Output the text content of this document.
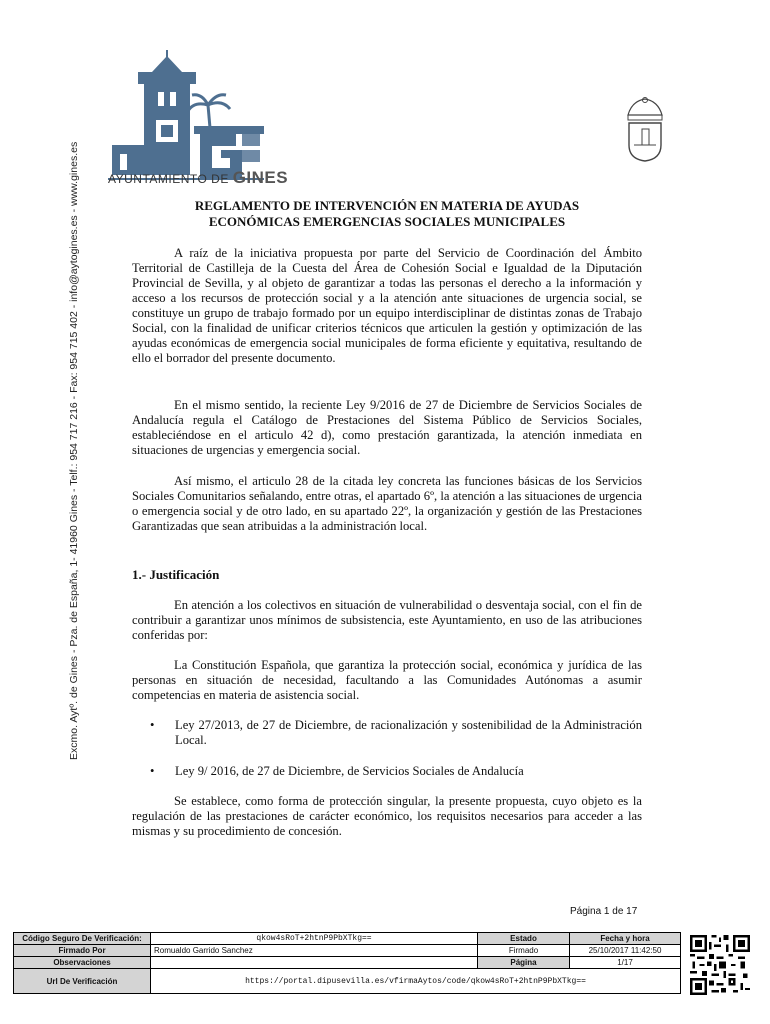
AYUNTAMIENTO DE GINES
Excmo. Aytº. de Gines - Pza. de España, 1- 41960 Gines - Telf.: 954 717 216 - Fax: 954 715 402 - info@aytogines.es - www.gines.es	REGLAMENTO DE INTERVENCIÓN EN MATERIA DE AYUDAS
ECONÓMICAS EMERGENCIAS SOCIALES MUNICIPALES

A raíz de la iniciativa propuesta por parte del Servicio de Coordinación del Ámbito Territorial de Castilleja de la Cuesta del Área de Cohesión Social e Igualdad de la Diputación Provincial de Sevilla, y al objeto de garantizar a todas las personas el derecho a la información y acceso a los recursos de protección social y a la atención ante situaciones de urgencia social, se constituye un grupo de trabajo formado por un equipo interdisciplinar de distintas zonas de Trabajo Social, con la finalidad de unificar criterios técnicos que articulen la gestión y optimización de las ayudas económicas de emergencia social municipales de forma eficiente y equitativa, resultando de ello el borrador del presente documento.

En el mismo sentido, la reciente Ley 9/2016 de 27 de Diciembre de Servicios Sociales de Andalucía regula el Catálogo de Prestaciones del Sistema Público de Servicios Sociales, estableciéndose en el articulo 42 d), como prestación garantizada, la atención inmediata en situaciones de urgencias y emergencia social.

Así mismo, el articulo 28 de la citada ley concreta las funciones básicas de los Servicios Sociales Comunitarios señalando, entre otras, el apartado 6º, la atención a las situaciones de urgencia o emergencia social y de otro lado, en su apartado 22º, la organización y gestión de las Prestaciones Garantizadas que sean atribuidas a la administración local.

1.- Justificación

En atención a los colectivos en situación de vulnerabilidad o desventaja social, con el fin de contribuir a garantizar unos mínimos de subsistencia, este Ayuntamiento, en uso de las atribuciones conferidas por:

La Constitución Española, que garantiza la protección social, económica y jurídica de las personas en situación de necesidad, facultando a las Comunidades Autónomas a asumir competencias en materia de asistencia social.

•	Ley 27/2013, de 27 de Diciembre, de racionalización y sostenibilidad de la Administración Local.
•	Ley 9/ 2016, de 27 de Diciembre, de Servicios Sociales de Andalucía

Se establece, como forma de protección singular, la presente propuesta, cuyo objeto es la regulación de las prestaciones de carácter económico, los requisitos necesarios para acceder a las mismas y su procedimiento de concesión.

Página 1 de 17
Código Seguro De Verificación:	qkow4sRoT+2htnP9PbXTkg==	Estado	Fecha y hora
Firmado Por	Romualdo Garrido Sanchez	Firmado	25/10/2017 11:42:50
Observaciones		Página	1/17
Url De Verificación	https://portal.dipusevilla.es/vfirmaAytos/code/qkow4sRoT+2htnP9PbXTkg==		
